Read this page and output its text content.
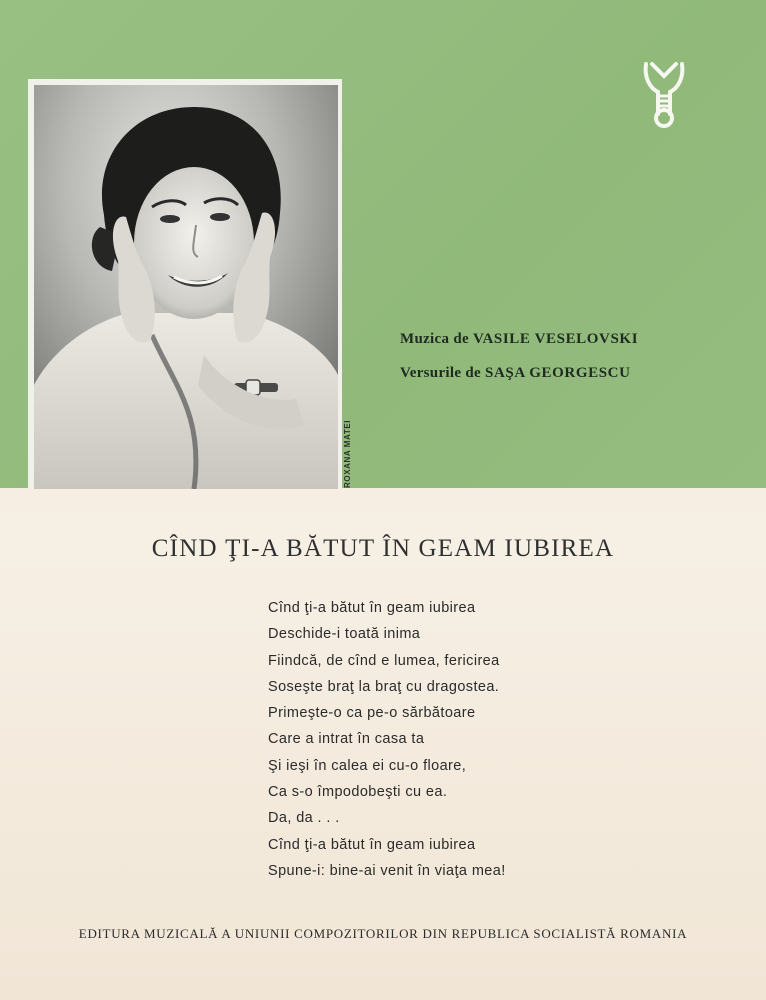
ROXANA MATEI
Muzica de VASILE VESELOVSKI
Versurile de SAŞA GEORGESCU
CÎND ŢI-A BĂTUT ÎN GEAM IUBIREA
Cînd ţi-a bătut în geam iubirea
Deschide-i toată inima
Fiindcă, de cînd e lumea, fericirea
Soseşte braţ la braţ cu dragostea.
Primeşte-o ca pe-o sărbătoare
Care a intrat în casa ta
Şi ieşi în calea ei cu-o floare,
Ca s-o împodobeşti cu ea.
Da, da . . .
Cînd ţi-a bătut în geam iubirea
Spune-i: bine-ai venit în viaţa mea!
EDITURA MUZICALĂ A UNIUNII COMPOZITORILOR DIN REPUBLICA SOCIALISTĂ ROMANIA
